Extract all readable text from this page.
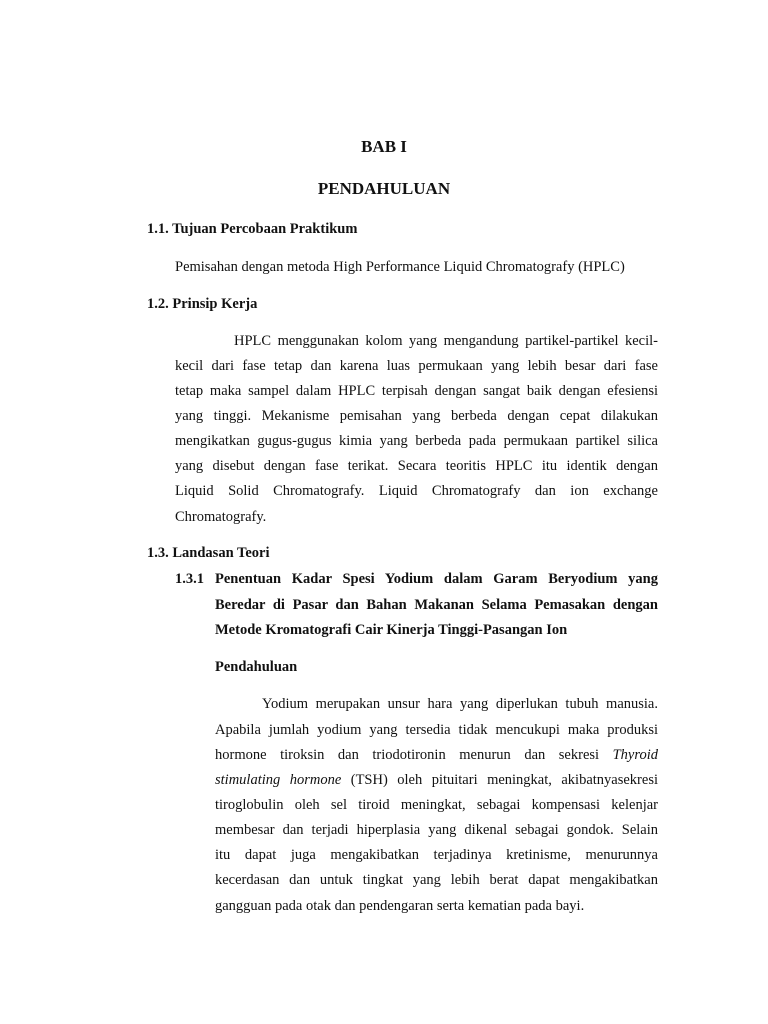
BAB I
PENDAHULUAN
1.1. Tujuan Percobaan Praktikum
Pemisahan dengan metoda High Performance Liquid Chromatografy (HPLC)
1.2. Prinsip Kerja
HPLC menggunakan kolom yang mengandung partikel-partikel kecil-
kecil dari fase tetap dan karena luas permukaan yang lebih besar dari fase
tetap maka sampel dalam HPLC terpisah dengan sangat baik dengan efesiensi
yang tinggi. Mekanisme pemisahan yang berbeda dengan cepat dilakukan
mengikatkan gugus-gugus kimia yang berbeda pada permukaan partikel silica
yang disebut dengan fase terikat. Secara teoritis HPLC itu identik dengan
Liquid Solid Chromatografy. Liquid Chromatografy dan ion exchange
Chromatografy.
1.3. Landasan Teori
1.3.1 Penentuan Kadar Spesi Yodium dalam Garam Beryodium yang
Beredar di Pasar dan Bahan Makanan Selama Pemasakan dengan
Metode Kromatografi Cair Kinerja Tinggi-Pasangan Ion
Pendahuluan
Yodium merupakan unsur hara yang diperlukan tubuh manusia.
Apabila jumlah yodium yang tersedia tidak mencukupi maka produksi
hormone tiroksin dan triodotironin menurun dan sekresi Thyroid
stimulating hormone (TSH) oleh pituitari meningkat, akibatnyasekresi
tiroglobulin oleh sel tiroid meningkat, sebagai kompensasi kelenjar
membesar dan terjadi hiperplasia yang dikenal sebagai gondok. Selain
itu dapat juga mengakibatkan terjadinya kretinisme, menurunnya
kecerdasan dan untuk tingkat yang lebih berat dapat mengakibatkan
gangguan pada otak dan pendengaran serta kematian pada bayi.
